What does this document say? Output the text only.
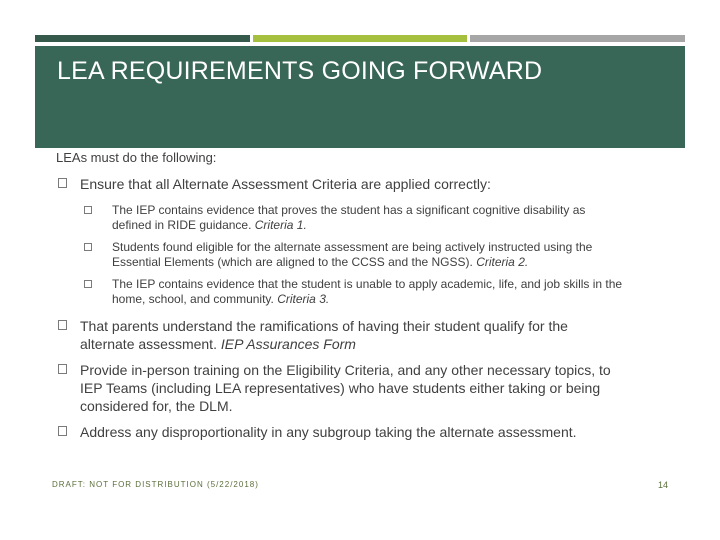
LEA REQUIREMENTS GOING FORWARD
LEAs must do the following:
Ensure that all Alternate Assessment Criteria are applied correctly:
The IEP contains evidence that proves the student has a significant cognitive disability as defined in RIDE guidance. Criteria 1.
Students found eligible for the alternate assessment are being actively instructed using the Essential Elements (which are aligned to the CCSS and the NGSS). Criteria 2.
The IEP contains evidence that the student is unable to apply academic, life, and job skills in the home, school, and community. Criteria 3.
That parents understand the ramifications of having their student qualify for the alternate assessment. IEP Assurances Form
Provide in-person training on the Eligibility Criteria, and any other necessary topics, to IEP Teams (including LEA representatives) who have students either taking or being considered for, the DLM.
Address any disproportionality in any subgroup taking the alternate assessment.
DRAFT: NOT FOR DISTRIBUTION (5/22/2018)	14
